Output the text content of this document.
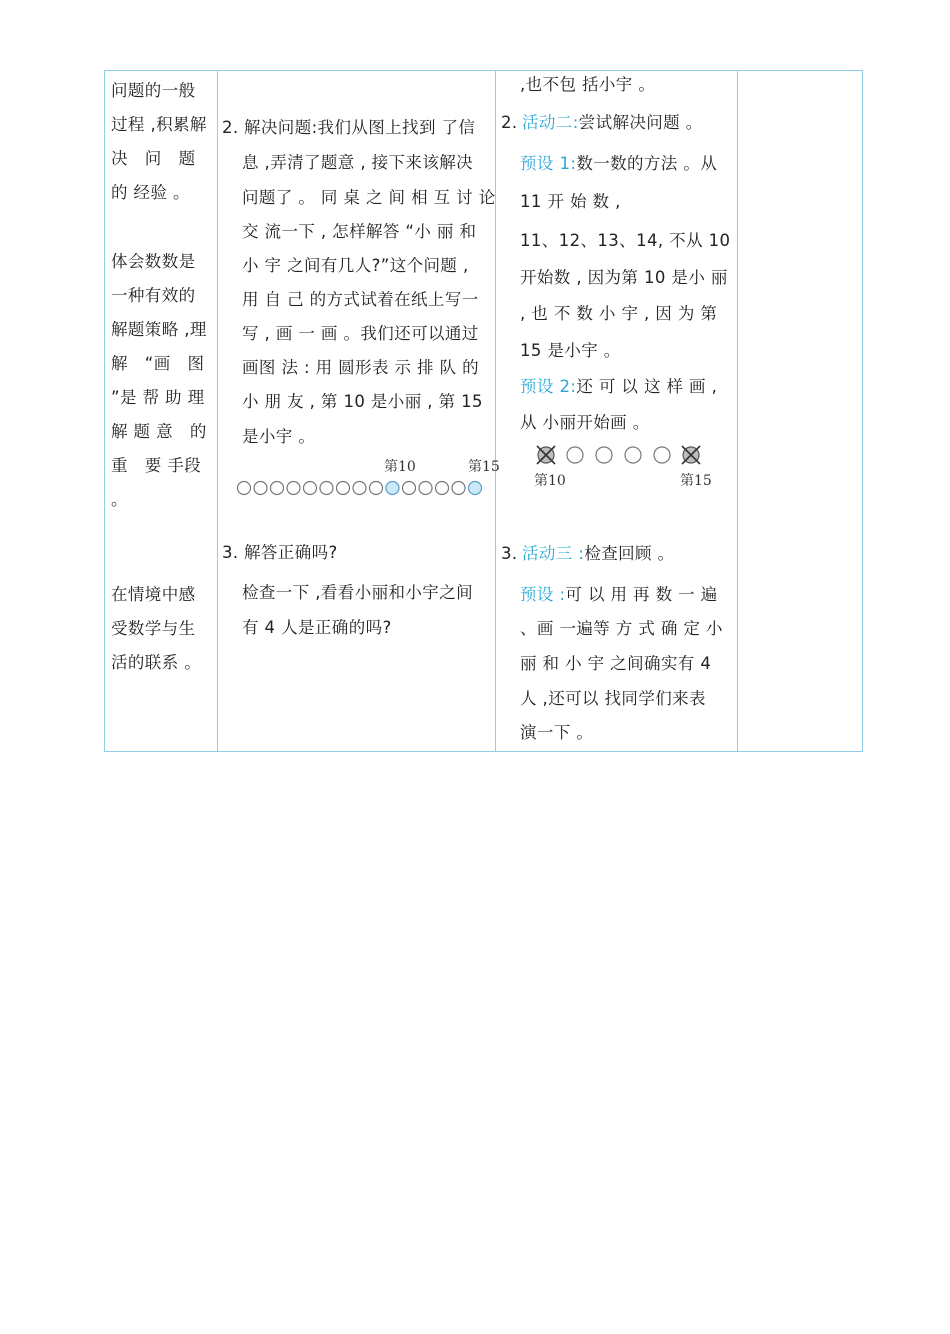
问题的一般
过程 ,积累解
决　问　题
的 经验 。
体会数数是
一种有效的
解题策略 ,理
解　“画　图
”是 帮 助 理
解 题 意　的
重　要 手段
。
在情境中感
受数学与生
活的联系 。

2. 解决问题:我们从图上找到 了信
息 ,弄清了题意 , 接下来该解决
问题了 。 同 桌 之 间 相 互 讨 论
交 流一下 , 怎样解答 “小 丽 和
小 宇 之间有几人?”这个问题 ,
用 自 己 的方式试着在纸上写一
写 , 画 一 画 。我们还可以通过
画图 法 : 用 圆形表 示 排 队 的
小 朋 友 , 第 10 是小丽 , 第 15
是小宇 。
第10	第15
3. 解答正确吗?
检查一下 ,看看小丽和小宇之间
有 4 人是正确的吗?

,也不包 括小宇 。
2. 活动二:尝试解决问题 。
预设 1:数一数的方法 。从
11 开 始 数 ,
11、12、13、14, 不从 10
开始数 , 因为第 10 是小 丽
, 也 不 数 小 宇 , 因 为 第
15 是小宇 。
预设 2:还 可 以 这 样 画 ,
从 小丽开始画 。
第10	第15
3. 活动三 :检查回顾 。
预设 :可 以 用 再 数 一 遍
、画 一遍等 方 式 确 定 小
丽 和 小 宇 之间确实有 4
人 ,还可以 找同学们来表
演一下 。
